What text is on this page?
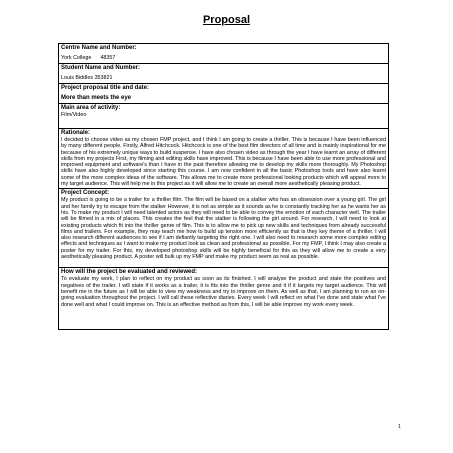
Proposal
Centre Name and Number:
York College      48357

Student Name and Number:
Louis Biddles 353821

Project proposal title and date:
More than meets the eye

Main area of activity:
Film/Video

Rationale:
I decided to choose video as my chosen FMP project, and I think I am going to create a thriller. This is because I have been influenced by many different people. Firstly, Alfred Hitchcock. Hitchcock is one of the best film directors of all time and is mainly inspirational for me because of his extremely unique ways to build suspense. I have also chosen video as through the year I have learnt an array of different skills from my projects First, my filming and editing skills have improved. This is because I have been able to use more professional and improved equipment and software's than I have in the past therefore allowing me to develop my skills more thoroughly. My Photoshop skills have also highly developed since starting this course. I am now confident in all the basic Photoshop tools and have also learnt some of the more complex ideas of the software. This allows me to create more professional looking products which will appeal more to my target audience. This will help me in this project as it will allow me to create an overall more aesthetically pleasing product.

Project Concept:
My product is going to be a trailer for a thriller film. The film will be based on a stalker who has an obsession over a young girl. The girl and her family try to escape from the stalker However, it is not as simple as it sounds as he is constantly tracking her as he wants her as his. To make my product I will need talented actors as they will need to be able to convey the emotion of each character well. The trailer will be filmed in a mix of places. This creates the feel that the stalker is following the girl around. For research, I will need to look at existing products which fit into the thriller genre of film. This is to allow me to pick up new skills and techniques from already successful films and trailers. For example, they may teach me how to build up tension more efficiently as that is they key theme of a thriller. I will also research different audiences to see if I am defiantly targeting the right one. I will also need to research some more complex editing effects and techniques as I want to make my product look as clean and professional as possible. For my FMP, I think I may also create a poster for my trailer. For this, my developed photoshop skills will be highly beneficial for this as they will allow me to create a very aesthetically pleasing product. A poster will bulk up my FMP and make my product seem as real as possible.

How will the project be evaluated and reviewed:
To evaluate my work, I plan to reflect on my product as soon as its finished. I will analyse the product and state the positives and negatives of the trailer. I will state if it works as a trailer, it is fits into the thriller genre and it if it targets my target audience. This will benefit me in the future as I will be able to view my weakness and try to improve on them. As well as that, I am planning to run an on-going evaluation throughout the project. I will call these reflective diaries. Every week I will reflect on what I've done and state what I've done well and what I could improve on. This is an effective method as from this, I will be able improve my work every week.
1
